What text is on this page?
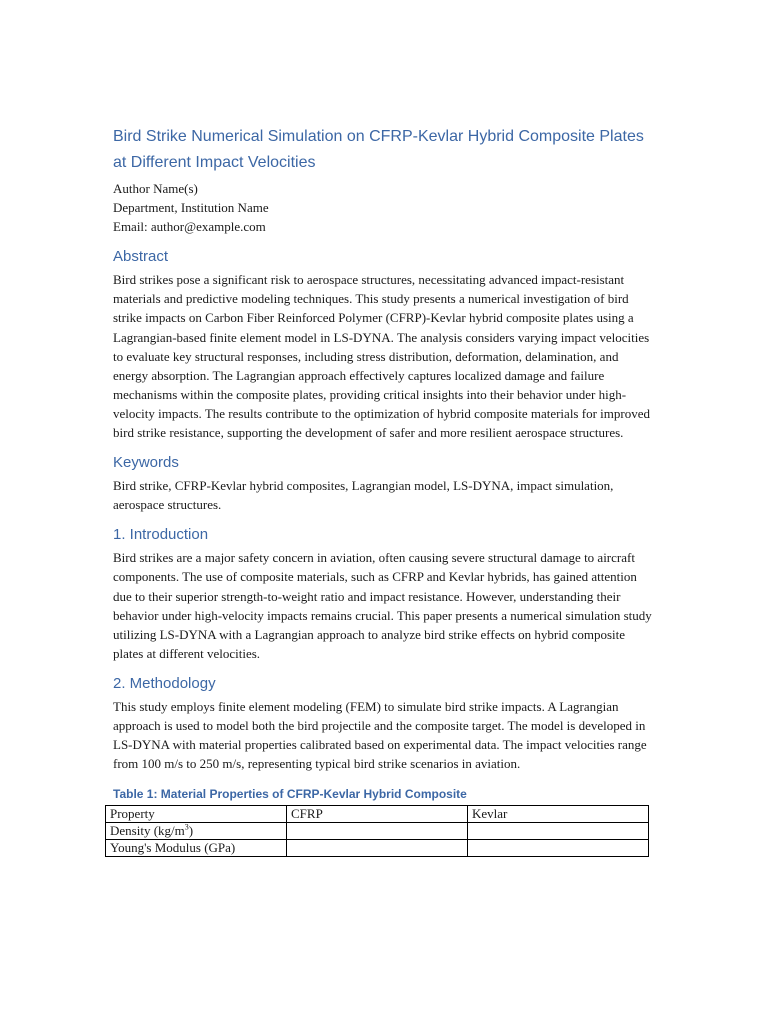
Bird Strike Numerical Simulation on CFRP-Kevlar Hybrid Composite Plates at Different Impact Velocities

Author Name(s)

Department, Institution Name

Email: author@example.com

Abstract

Bird strikes pose a significant risk to aerospace structures, necessitating advanced impact-resistant materials and predictive modeling techniques. This study presents a numerical investigation of bird strike impacts on Carbon Fiber Reinforced Polymer (CFRP)-Kevlar hybrid composite plates using a Lagrangian-based finite element model in LS-DYNA. The analysis considers varying impact velocities to evaluate key structural responses, including stress distribution, deformation, delamination, and energy absorption. The Lagrangian approach effectively captures localized damage and failure mechanisms within the composite plates, providing critical insights into their behavior under high-velocity impacts. The results contribute to the optimization of hybrid composite materials for improved bird strike resistance, supporting the development of safer and more resilient aerospace structures.

Keywords

Bird strike, CFRP-Kevlar hybrid composites, Lagrangian model, LS-DYNA, impact simulation, aerospace structures.

1. Introduction

Bird strikes are a major safety concern in aviation, often causing severe structural damage to aircraft components. The use of composite materials, such as CFRP and Kevlar hybrids, has gained attention due to their superior strength-to-weight ratio and impact resistance. However, understanding their behavior under high-velocity impacts remains crucial. This paper presents a numerical simulation study utilizing LS-DYNA with a Lagrangian approach to analyze bird strike effects on hybrid composite plates at different velocities.

2. Methodology

This study employs finite element modeling (FEM) to simulate bird strike impacts. A Lagrangian approach is used to model both the bird projectile and the composite target. The model is developed in LS-DYNA with material properties calibrated based on experimental data. The impact velocities range from 100 m/s to 250 m/s, representing typical bird strike scenarios in aviation.

Table 1: Material Properties of CFRP-Kevlar Hybrid Composite
Property	CFRP	Kevlar
Density $(kg/m^3)$		
Young's Modulus (GPa)		
